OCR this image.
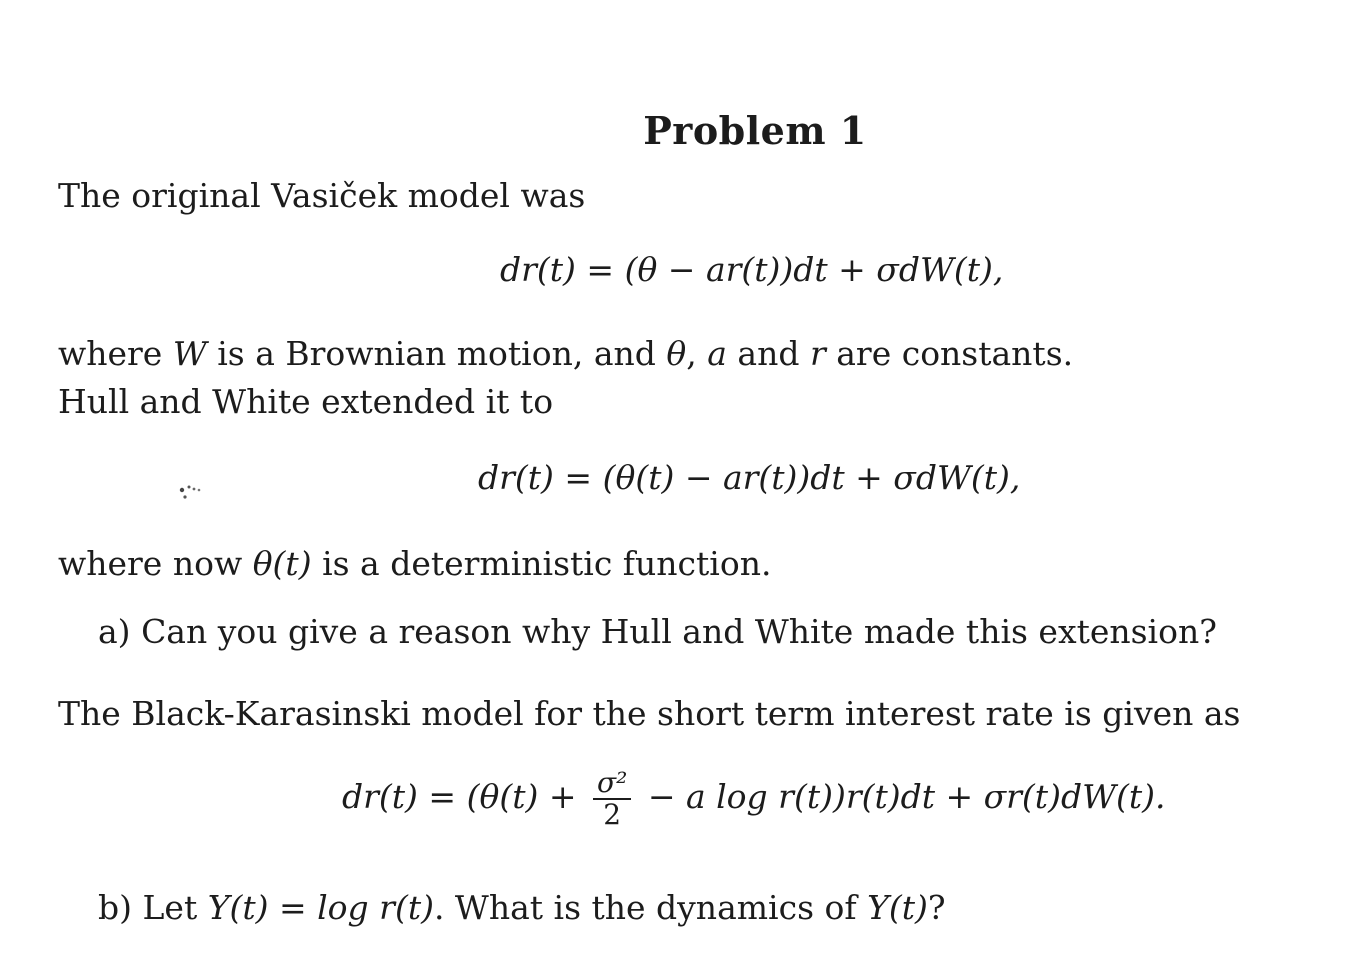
Problem 1
The original Vasiček model was
dr(t) = (θ − ar(t))dt + σdW(t),
where W is a Brownian motion, and θ, a and r are constants.
Hull and White extended it to
dr(t) = (θ(t) − ar(t))dt + σdW(t),
where now θ(t) is a deterministic function.
a) Can you give a reason why Hull and White made this extension?
The Black-Karasinski model for the short term interest rate is given as
$dr(t) = (\theta(t) + \frac{\text{σ²}}{2} - a$ log r(t))r(t)dt + σr(t)dW(t).
b) Let Y(t) = log r(t). What is the dynamics of Y(t)?
